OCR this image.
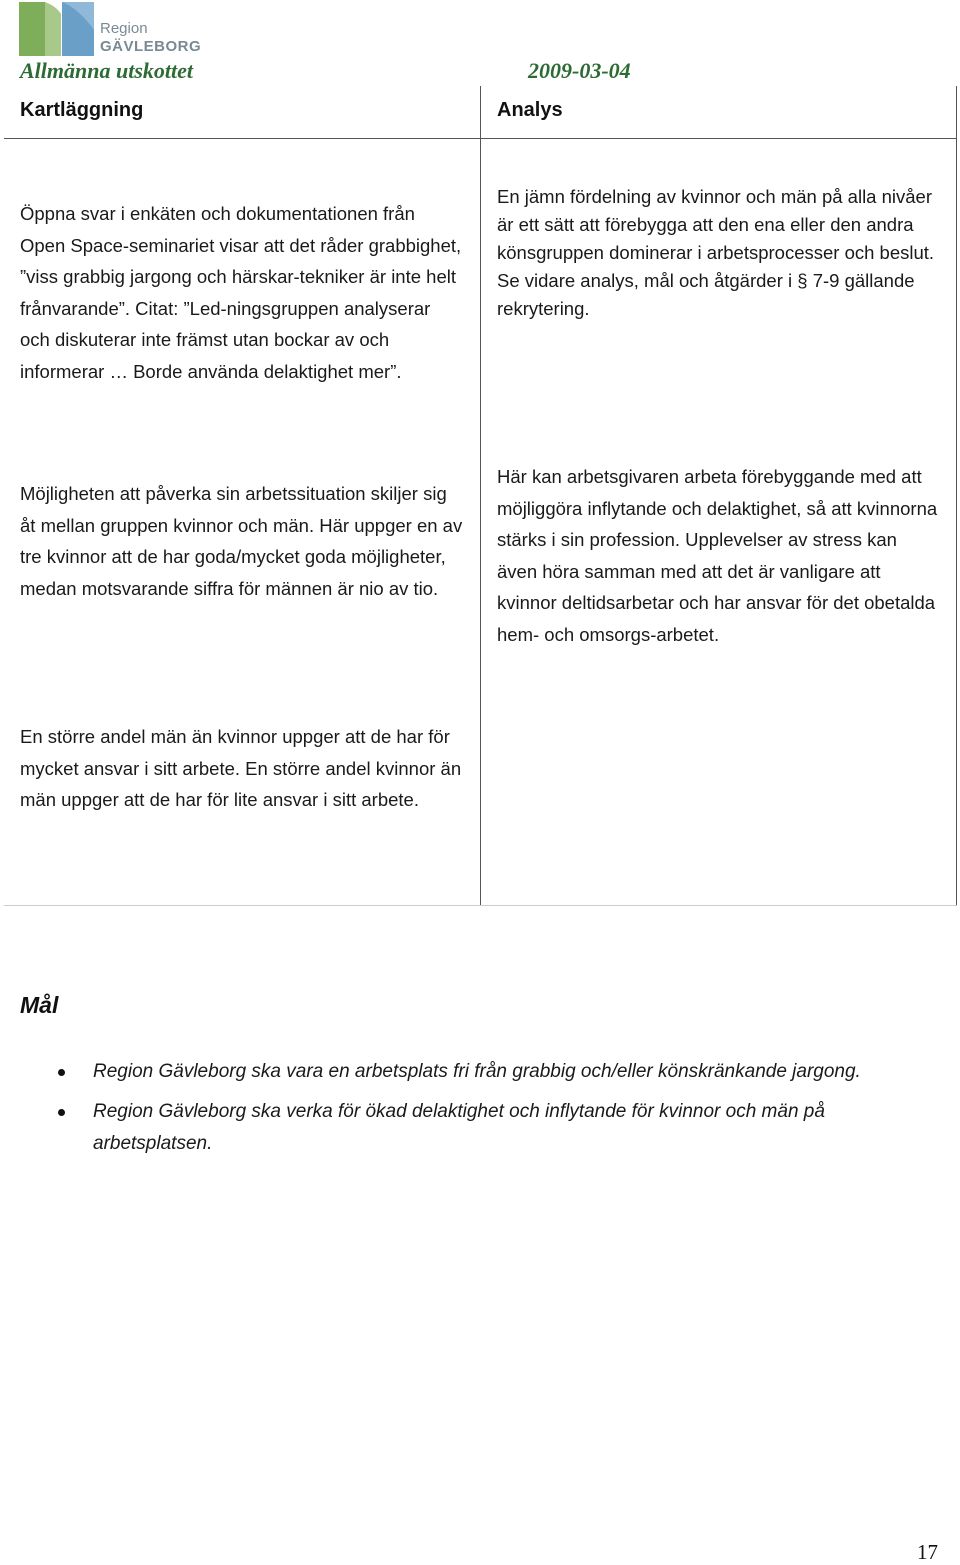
Region
GÄVLEBORG
Allmänna utskottet	2009-03-04
Kartläggning	Analys
Öppna svar i enkäten och dokumentationen från Open Space-seminariet visar att det råder grabbighet, ”viss grabbig jargong och härskar-tekniker är inte helt frånvarande”. Citat: ”Led-ningsgruppen analyserar och diskuterar inte främst utan bockar av och informerar … Borde använda delaktighet mer”.
Möjligheten att påverka sin arbetssituation skiljer sig åt mellan gruppen kvinnor och män. Här uppger en av tre kvinnor att de har goda/mycket goda möjligheter, medan motsvarande siffra för männen är nio av tio.
En större andel män än kvinnor uppger att de har för mycket ansvar i sitt arbete. En större andel kvinnor än män uppger att de har för lite ansvar i sitt arbete.
En jämn fördelning av kvinnor och män på alla nivåer är ett sätt att förebygga att den ena eller den andra könsgruppen dominerar i arbetsprocesser och beslut. Se vidare analys, mål och åtgärder i § 7-9 gällande rekrytering.
Här kan arbetsgivaren arbeta förebyggande med att möjliggöra inflytande och delaktighet, så att kvinnorna stärks i sin profession. Upplevelser av stress kan även höra samman med att det är vanligare att kvinnor deltidsarbetar och har ansvar för det obetalda hem- och omsorgs-arbetet.
Mål
Region Gävleborg ska vara en arbetsplats fri från grabbig och/eller könskränkande jargong.
Region Gävleborg ska verka för ökad delaktighet och inflytande för kvinnor och män på arbetsplatsen.
17
